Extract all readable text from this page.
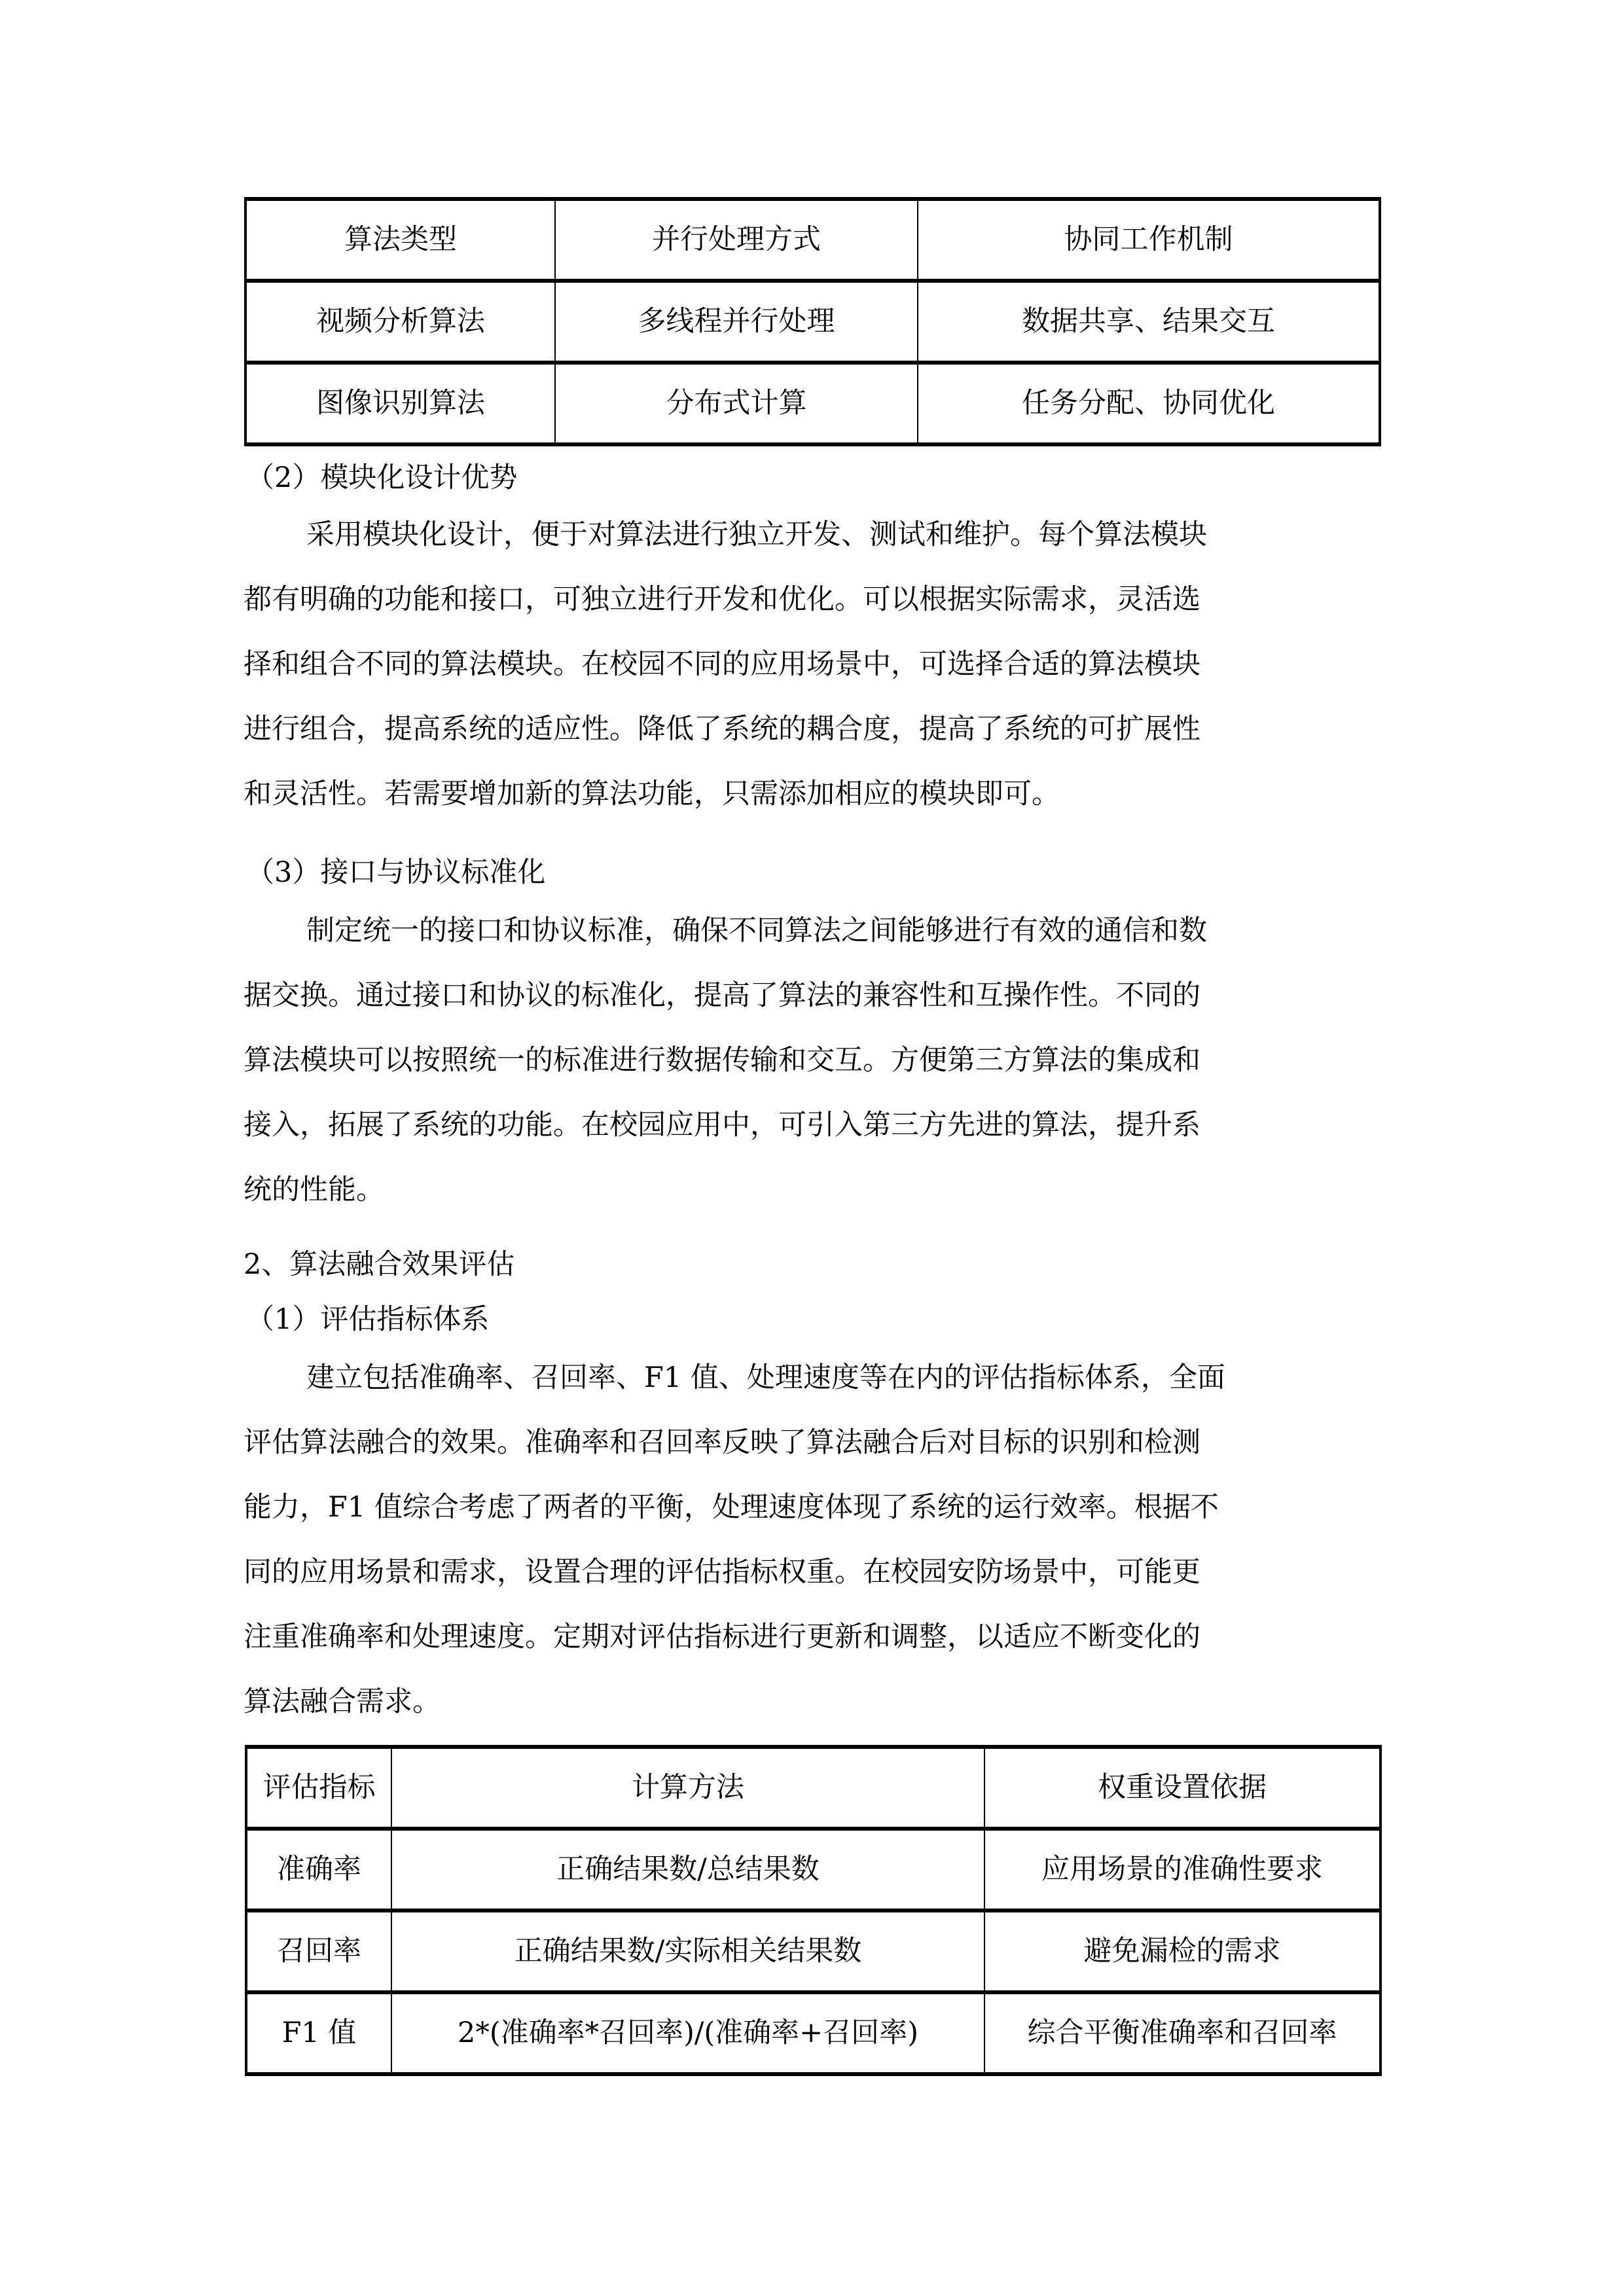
算法类型	并行处理方式	协同工作机制
视频分析算法	多线程并行处理	数据共享、结果交互
图像识别算法	分布式计算	任务分配、协同优化
（2）模块化设计优势
采用模块化设计，便于对算法进行独立开发、测试和维护。每个算法模块
都有明确的功能和接口，可独立进行开发和优化。可以根据实际需求，灵活选
择和组合不同的算法模块。在校园不同的应用场景中，可选择合适的算法模块
进行组合，提高系统的适应性。降低了系统的耦合度，提高了系统的可扩展性
和灵活性。若需要增加新的算法功能，只需添加相应的模块即可。
（3）接口与协议标准化
制定统一的接口和协议标准，确保不同算法之间能够进行有效的通信和数
据交换。通过接口和协议的标准化，提高了算法的兼容性和互操作性。不同的
算法模块可以按照统一的标准进行数据传输和交互。方便第三方算法的集成和
接入，拓展了系统的功能。在校园应用中，可引入第三方先进的算法，提升系
统的性能。
2、算法融合效果评估
（1）评估指标体系
建立包括准确率、召回率、F1 值、处理速度等在内的评估指标体系，全面
评估算法融合的效果。准确率和召回率反映了算法融合后对目标的识别和检测
能力，F1 值综合考虑了两者的平衡，处理速度体现了系统的运行效率。根据不
同的应用场景和需求，设置合理的评估指标权重。在校园安防场景中，可能更
注重准确率和处理速度。定期对评估指标进行更新和调整，以适应不断变化的
算法融合需求。
评估指标	计算方法	权重设置依据
准确率	正确结果数/总结果数	应用场景的准确性要求
召回率	正确结果数/实际相关结果数	避免漏检的需求
F1 值	2*(准确率*召回率)/(准确率+召回率)	综合平衡准确率和召回率
